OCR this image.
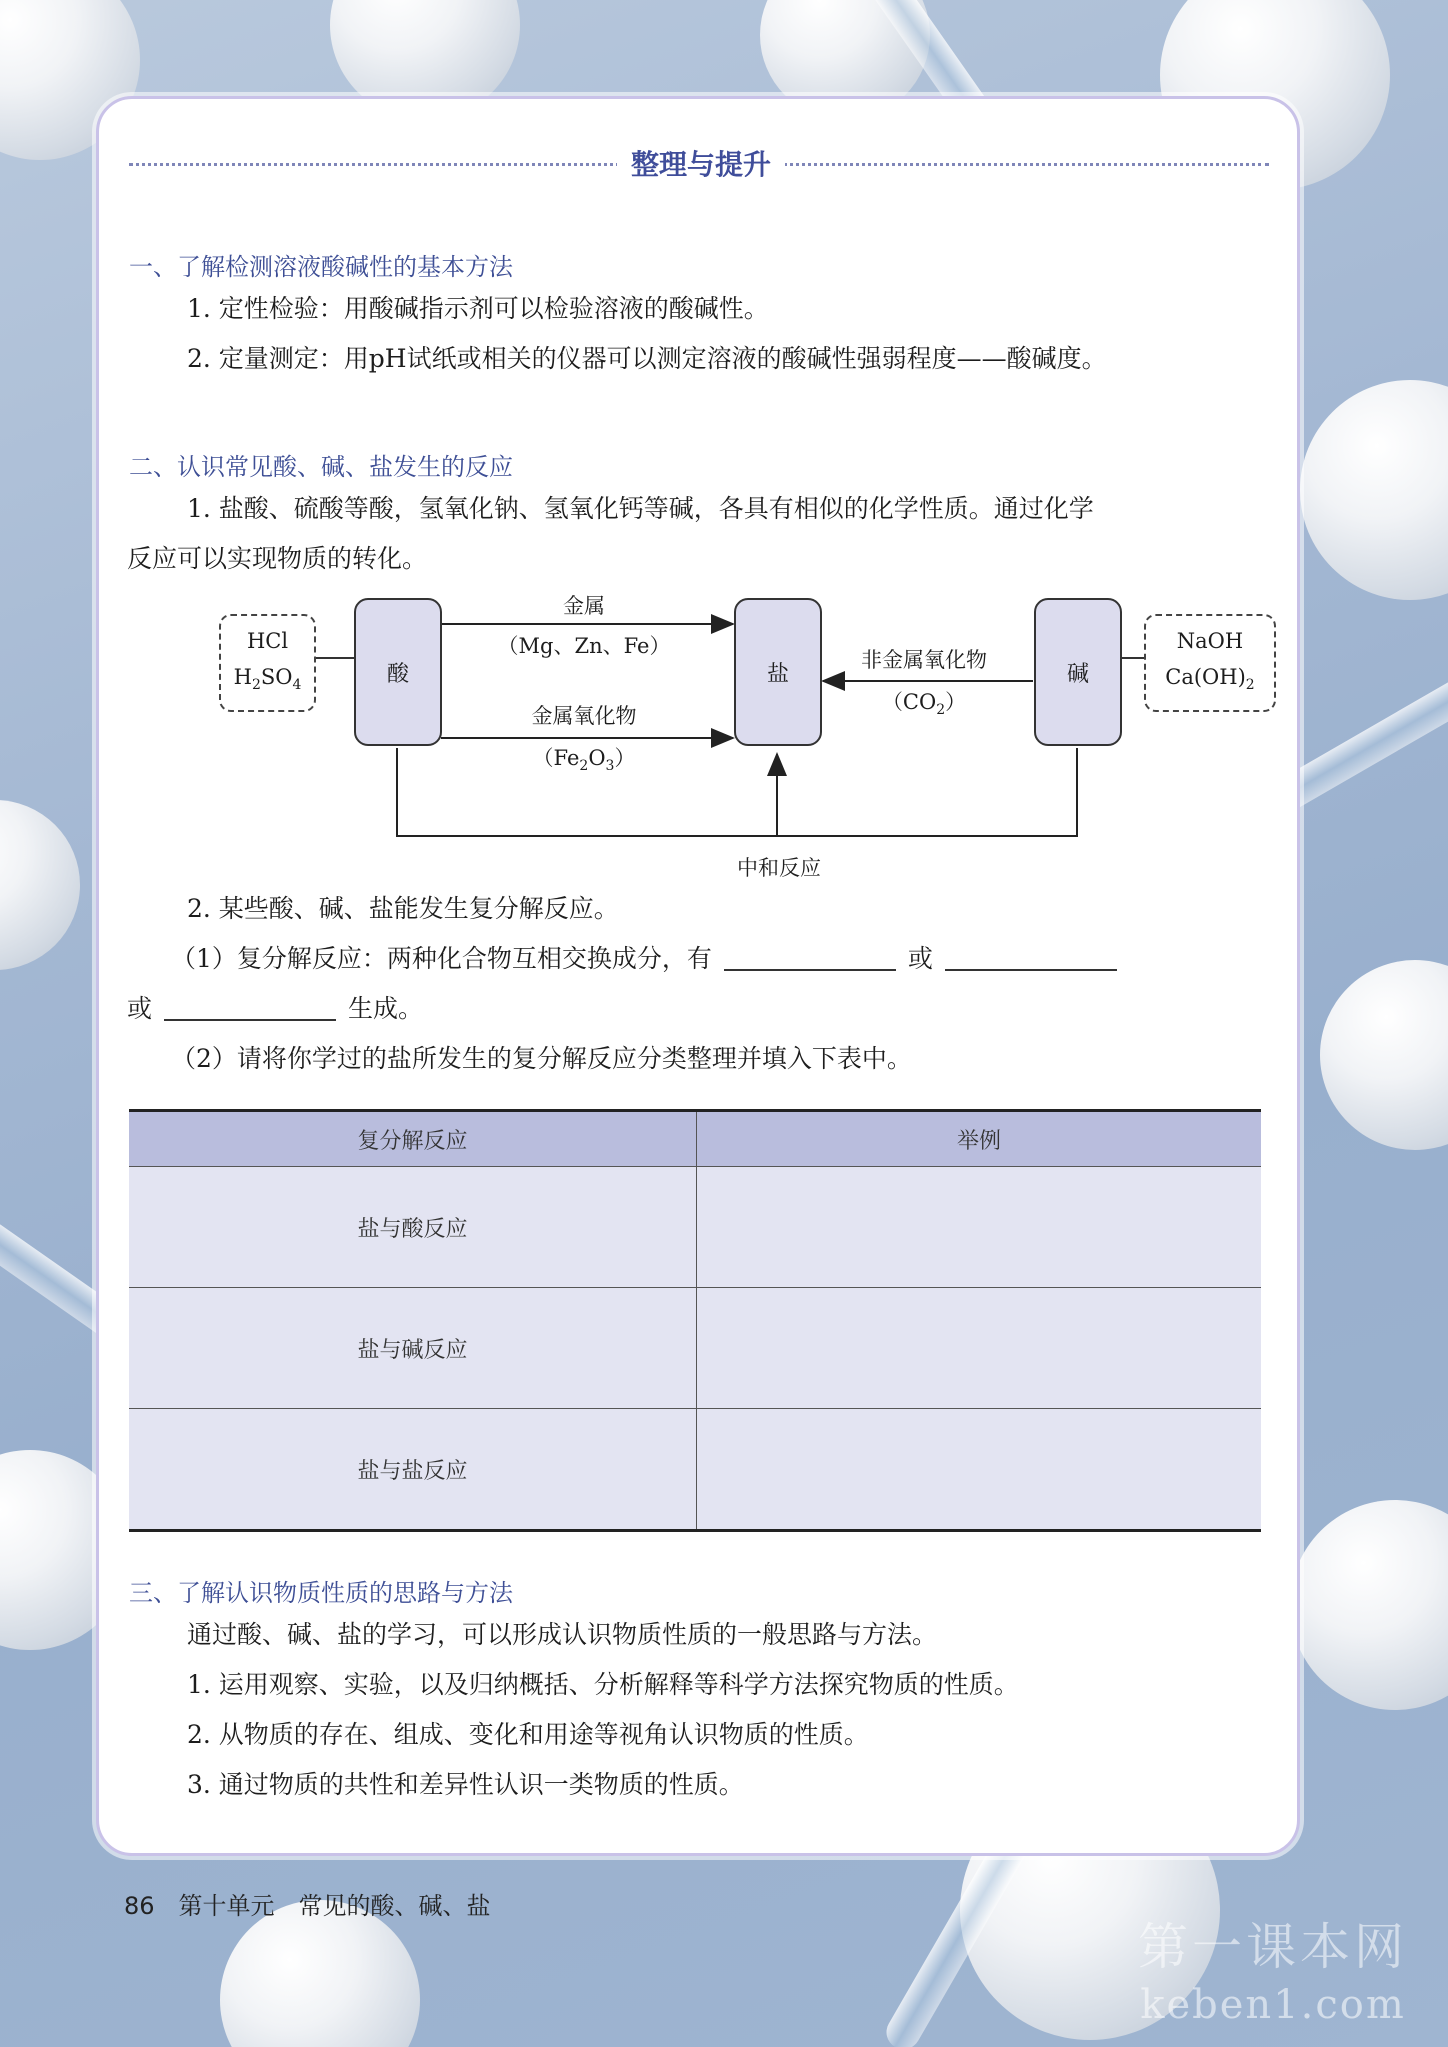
整理与提升
一、了解检测溶液酸碱性的基本方法
1. 定性检验：用酸碱指示剂可以检验溶液的酸碱性。
2. 定量测定：用pH试纸或相关的仪器可以测定溶液的酸碱性强弱程度——酸碱度。
二、认识常见酸、碱、盐发生的反应
1. 盐酸、硫酸等酸，氢氧化钠、氢氧化钙等碱，各具有相似的化学性质。通过化学
反应可以实现物质的转化。
HCl
$H_2SO_4$	酸	盐	碱
NaOH
$Ca(OH)_2$
金属
（Mg、Zn、Fe）
金属氧化物
$(Fe_2O_3)$
非金属氧化物
$(CO_2)$
中和反应
2. 某些酸、碱、盐能发生复分解反应。
（1）复分解反应：两种化合物互相交换成分，有	或
或	生成。
（2）请将你学过的盐所发生的复分解反应分类整理并填入下表中。
复分解反应	举例
盐与酸反应	
盐与碱反应	
盐与盐反应	
三、了解认识物质性质的思路与方法
通过酸、碱、盐的学习，可以形成认识物质性质的一般思路与方法。
1. 运用观察、实验，以及归纳概括、分析解释等科学方法探究物质的性质。
2. 从物质的存在、组成、变化和用途等视角认识物质的性质。
3. 通过物质的共性和差异性认识一类物质的性质。
86 第十单元　常见的酸、碱、盐
第一课本网
keben1.com
